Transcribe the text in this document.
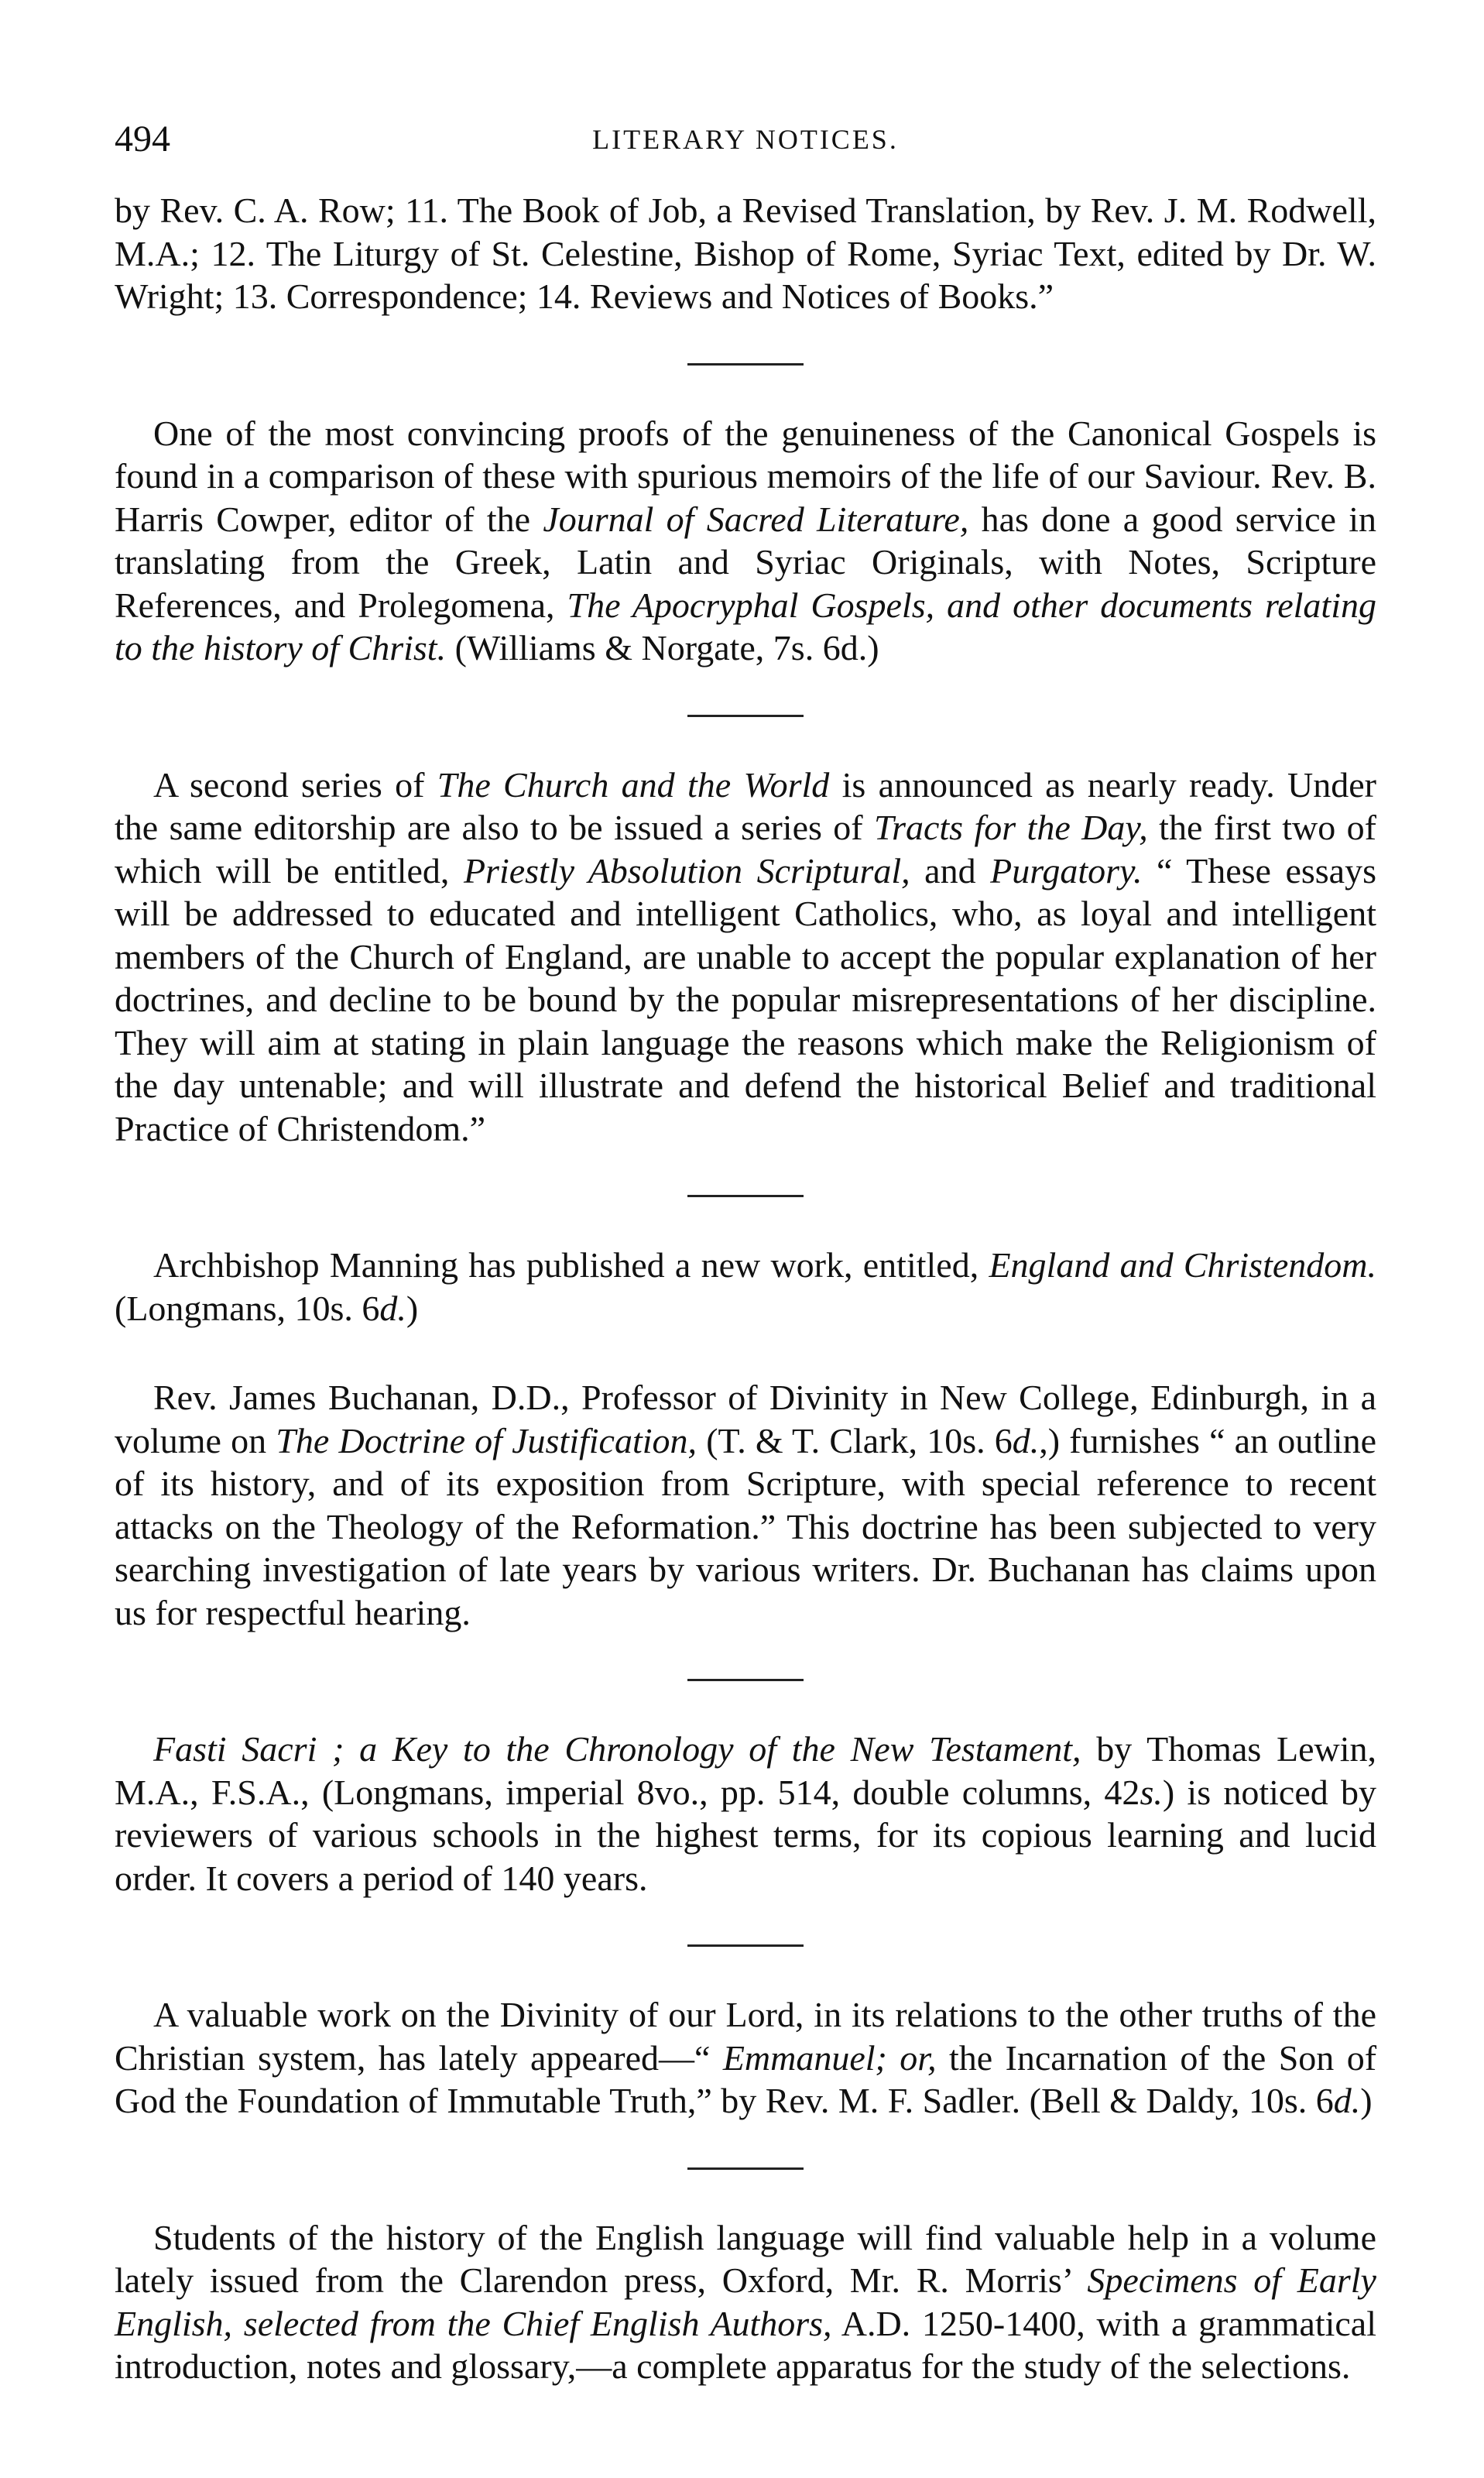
494	LITERARY NOTICES.

by Rev. C. A. Row; 11. The Book of Job, a Revised Translation, by Rev. J. M. Rodwell, M.A.; 12. The Liturgy of St. Celestine, Bishop of Rome, Syriac Text, edited by Dr. W. Wright; 13. Correspondence; 14. Reviews and Notices of Books.”

One of the most convincing proofs of the genuineness of the Canonical Gospels is found in a comparison of these with spurious memoirs of the life of our Saviour. Rev. B. Harris Cowper, editor of the Journal of Sacred Literature, has done a good service in translating from the Greek, Latin and Syriac Originals, with Notes, Scripture References, and Prolegomena, The Apocryphal Gospels, and other documents relating to the history of Christ. (Williams & Norgate, 7s. 6d.)

A second series of The Church and the World is announced as nearly ready. Under the same editorship are also to be issued a series of Tracts for the Day, the first two of which will be entitled, Priestly Absolution Scriptural, and Purgatory. “ These essays will be addressed to educated and intelligent Catholics, who, as loyal and intelligent members of the Church of England, are unable to accept the popular explanation of her doctrines, and decline to be bound by the popular misrepresentations of her discipline. They will aim at stating in plain language the reasons which make the Religionism of the day untenable; and will illustrate and defend the historical Belief and traditional Practice of Christendom.”

Archbishop Manning has published a new work, entitled, England and Christendom. (Longmans, 10s. 6d.)

Rev. James Buchanan, D.D., Professor of Divinity in New College, Edinburgh, in a volume on The Doctrine of Justification, (T. & T. Clark, 10s. 6d.,) furnishes “ an outline of its history, and of its exposition from Scripture, with special reference to recent attacks on the Theology of the Reformation.” This doctrine has been subjected to very searching investigation of late years by various writers. Dr. Buchanan has claims upon us for respectful hearing.

Fasti Sacri ; a Key to the Chronology of the New Testament, by Thomas Lewin, M.A., F.S.A., (Longmans, imperial 8vo., pp. 514, double columns, 42s.) is noticed by reviewers of various schools in the highest terms, for its copious learning and lucid order. It covers a period of 140 years.

A valuable work on the Divinity of our Lord, in its relations to the other truths of the Christian system, has lately appeared—“ Emmanuel; or, the Incarnation of the Son of God the Foundation of Immutable Truth,” by Rev. M. F. Sadler. (Bell & Daldy, 10s. 6d.)

Students of the history of the English language will find valuable help in a volume lately issued from the Clarendon press, Oxford, Mr. R. Morris’ Specimens of Early English, selected from the Chief English Authors, A.D. 1250-1400, with a grammatical introduction, notes and glossary,—a complete apparatus for the study of the selections.
